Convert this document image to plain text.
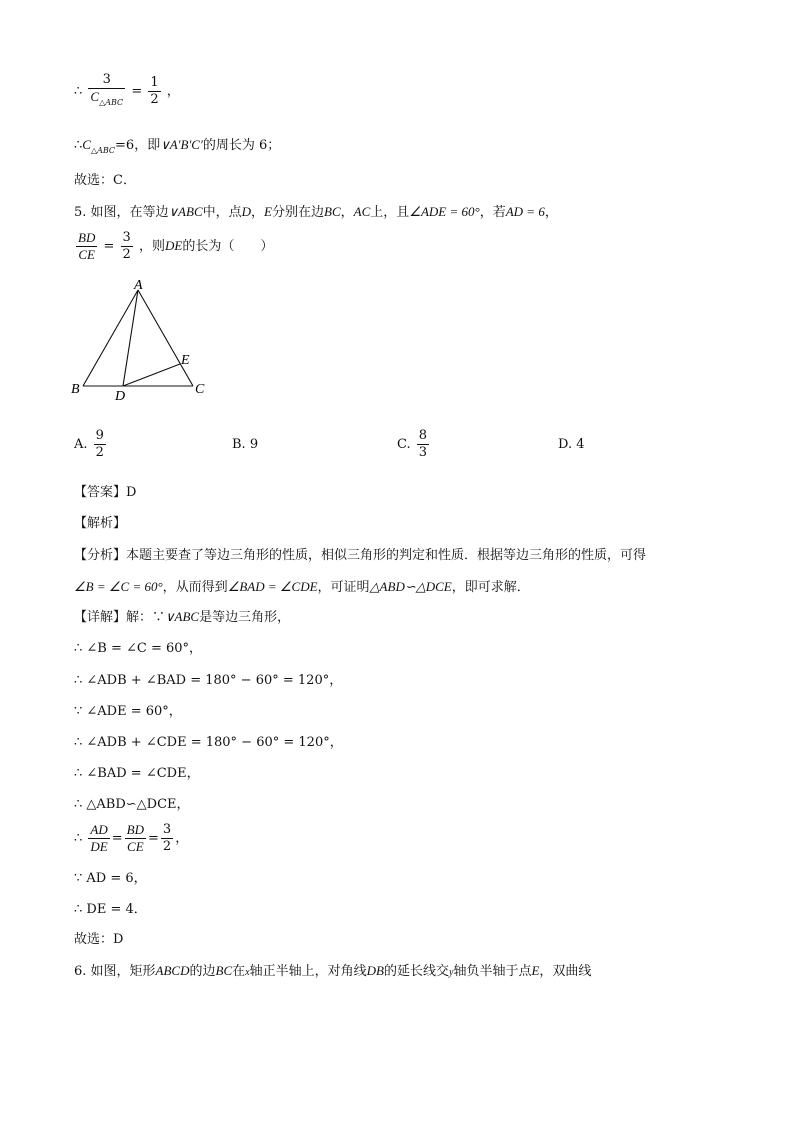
∴ $\frac{3}{C_{\triangle ABC}} = \frac{1}{2}$ ，
$\therefore C_{\triangle ABC}=6$，即∨A′B′C′的周长为 6；
故选：C．
5. 如图，在等边∨ABC中，点D，E分别在边BC，AC上，且∠ADE = 60°，若AD = 6，
$\frac{BD}{CE} = \frac{3}{2}$ ，则DE的长为（　　）
A
B	C
D
E
A. $\frac{9}{2}$	B. 9	C. $\frac{8}{3}$	D. 4
【答案】D
【解析】
【分析】本题主要查了等边三角形的性质，相似三角形的判定和性质．根据等边三角形的性质，可得
∠B = ∠C = 60°，从而得到∠BAD = ∠CDE，可证明△ABD∽△DCE，即可求解．
【详解】解：∵∨ABC是等边三角形，
∴ ∠B = ∠C = 60°，
∴ ∠ADB + ∠BAD = 180° − 60° = 120°，
∵ ∠ADE = 60°，
∴ ∠ADB + ∠CDE = 180° − 60° = 120°，
∴ ∠BAD = ∠CDE，
∴ △ABD∽△DCE，
∴ $\frac{AD}{DE} = \frac{BD}{CE} = \frac{3}{2}$ ，
∵ AD = 6，
∴ DE = 4．
故选：D
6. 如图，矩形ABCD的边BC在x轴正半轴上，对角线DB的延长线交y轴负半轴于点E，双曲线
